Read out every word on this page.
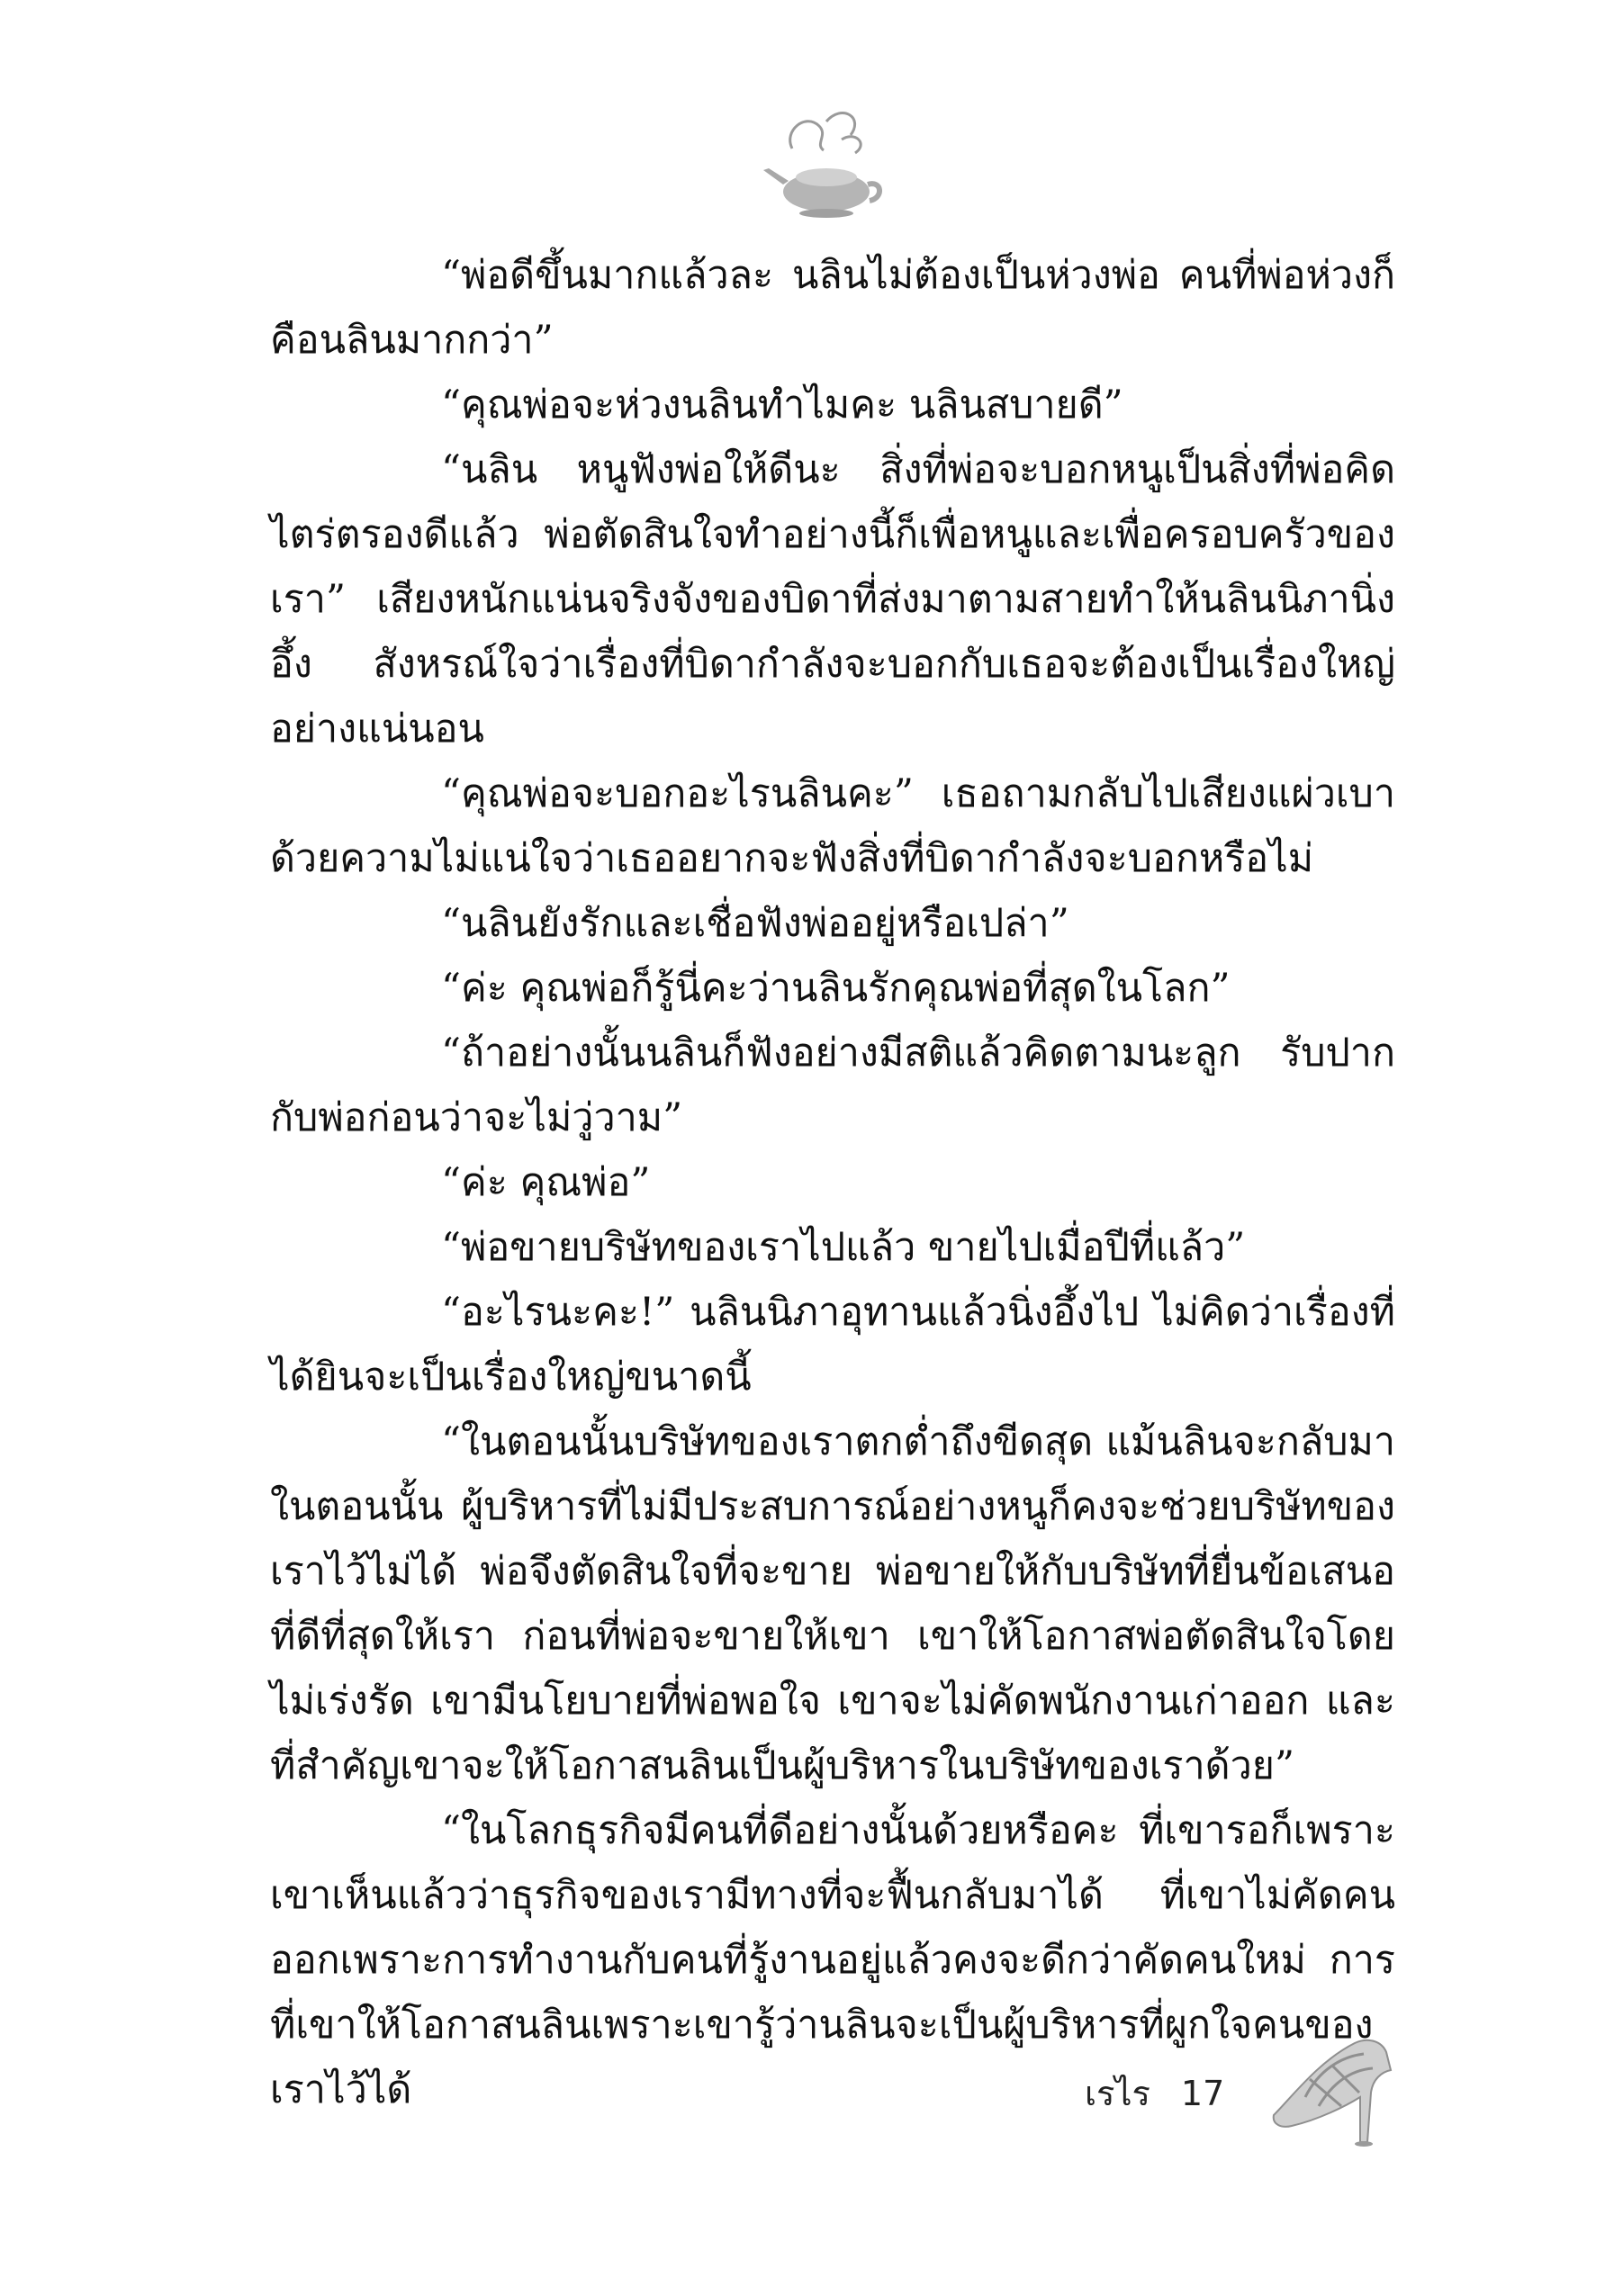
“พ่อดีขึ้นมากแล้วละ นลินไม่ต้องเป็นห่วงพ่อ คนที่พ่อห่วงก็คือนลินมากกว่า”

“คุณพ่อจะห่วงนลินทำไมคะ นลินสบายดี”

“นลิน หนูฟังพ่อให้ดีนะ สิ่งที่พ่อจะบอกหนูเป็นสิ่งที่พ่อคิดไตร่ตรองดีแล้ว พ่อตัดสินใจทำอย่างนี้ก็เพื่อหนูและเพื่อครอบครัวของเรา” เสียงหนักแน่นจริงจังของบิดาที่ส่งมาตามสายทำให้นลินนิภานิ่งอึ้ง สังหรณ์ใจว่าเรื่องที่บิดากำลังจะบอกกับเธอจะต้องเป็นเรื่องใหญ่อย่างแน่นอน

“คุณพ่อจะบอกอะไรนลินคะ” เธอถามกลับไปเสียงแผ่วเบาด้วยความไม่แน่ใจว่าเธออยากจะฟังสิ่งที่บิดากำลังจะบอกหรือไม่

“นลินยังรักและเชื่อฟังพ่ออยู่หรือเปล่า”

“ค่ะ คุณพ่อก็รู้นี่คะว่านลินรักคุณพ่อที่สุดในโลก”

“ถ้าอย่างนั้นนลินก็ฟังอย่างมีสติแล้วคิดตามนะลูก รับปากกับพ่อก่อนว่าจะไม่วู่วาม”

“ค่ะ คุณพ่อ”

“พ่อขายบริษัทของเราไปแล้ว ขายไปเมื่อปีที่แล้ว”

“อะไรนะคะ!” นลินนิภาอุทานแล้วนิ่งอึ้งไป ไม่คิดว่าเรื่องที่ได้ยินจะเป็นเรื่องใหญ่ขนาดนี้

“ในตอนนั้นบริษัทของเราตกต่ำถึงขีดสุด แม้นลินจะกลับมาในตอนนั้น ผู้บริหารที่ไม่มีประสบการณ์อย่างหนูก็คงจะช่วยบริษัทของเราไว้ไม่ได้ พ่อจึงตัดสินใจที่จะขาย พ่อขายให้กับบริษัทที่ยื่นข้อเสนอที่ดีที่สุดให้เรา ก่อนที่พ่อจะขายให้เขา เขาให้โอกาสพ่อตัดสินใจโดยไม่เร่งรัด เขามีนโยบายที่พ่อพอใจ เขาจะไม่คัดพนักงานเก่าออก และที่สำคัญเขาจะให้โอกาสนลินเป็นผู้บริหารในบริษัทของเราด้วย”

“ในโลกธุรกิจมีคนที่ดีอย่างนั้นด้วยหรือคะ ที่เขารอก็เพราะเขาเห็นแล้วว่าธุรกิจของเรามีทางที่จะฟื้นกลับมาได้ ที่เขาไม่คัดคนออกเพราะการทำงานกับคนที่รู้งานอยู่แล้วคงจะดีกว่าคัดคนใหม่ การที่เขาให้โอกาสนลินเพราะเขารู้ว่านลินจะเป็นผู้บริหารที่ผูกใจคนของเราไว้ได้	เรไร 17
